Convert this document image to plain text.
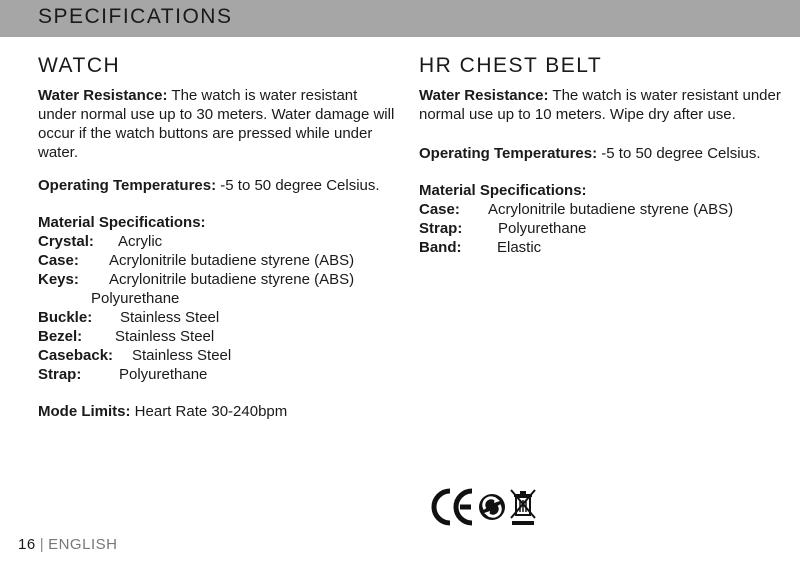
SPECIFICATIONS
WATCH

Water Resistance: The watch is water resistant under normal use up to 30 meters. Water damage will occur if the watch buttons are pressed while under water.

Operating Temperatures: -5 to 50 degree Celsius.

Material Specifications:
Crystal: Acrylic
Case: Acrylonitrile butadiene styrene (ABS)
Keys: Acrylonitrile butadiene styrene (ABS)
Polyurethane
Buckle: Stainless Steel
Bezel: Stainless Steel
Caseback: Stainless Steel
Strap:	Polyurethane
Mode Limits: Heart Rate 30-240bpm
HR CHEST BELT

Water Resistance: The watch is water resistant under normal use up to 10 meters. Wipe dry after use.

Operating Temperatures: -5 to 50 degree Celsius.

Material Specifications:
Case: Acrylonitrile butadiene styrene (ABS)
Strap: Polyurethane
Band: Elastic
16 | ENGLISH
